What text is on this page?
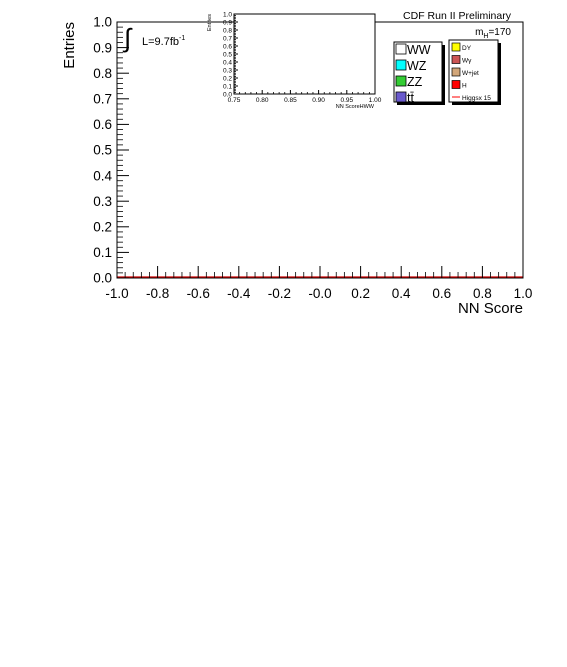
0.0
0.1
0.2
0.3
0.4
0.5
0.6
0.7
0.8
0.9
1.0
-1.0 -0.8 -0.6 -0.4 -0.2 -0.0 0.2 0.4 0.6 0.8 1.0
NN Score
Entries ∫ $L=9.7fb^{-1}$
0.0
0.1
0.2
0.3
0.4
0.5
0.6
0.7
0.8
0.9
1.0
0.75 0.80 0.85 0.90 0.95 1.00
NN ScoreHWW
Entries	CDF Run II Preliminary
$m_H=170$
WW
WZ
ZZ
tt̄
DY
Wγ
W+jet
H
Higgsx 15
